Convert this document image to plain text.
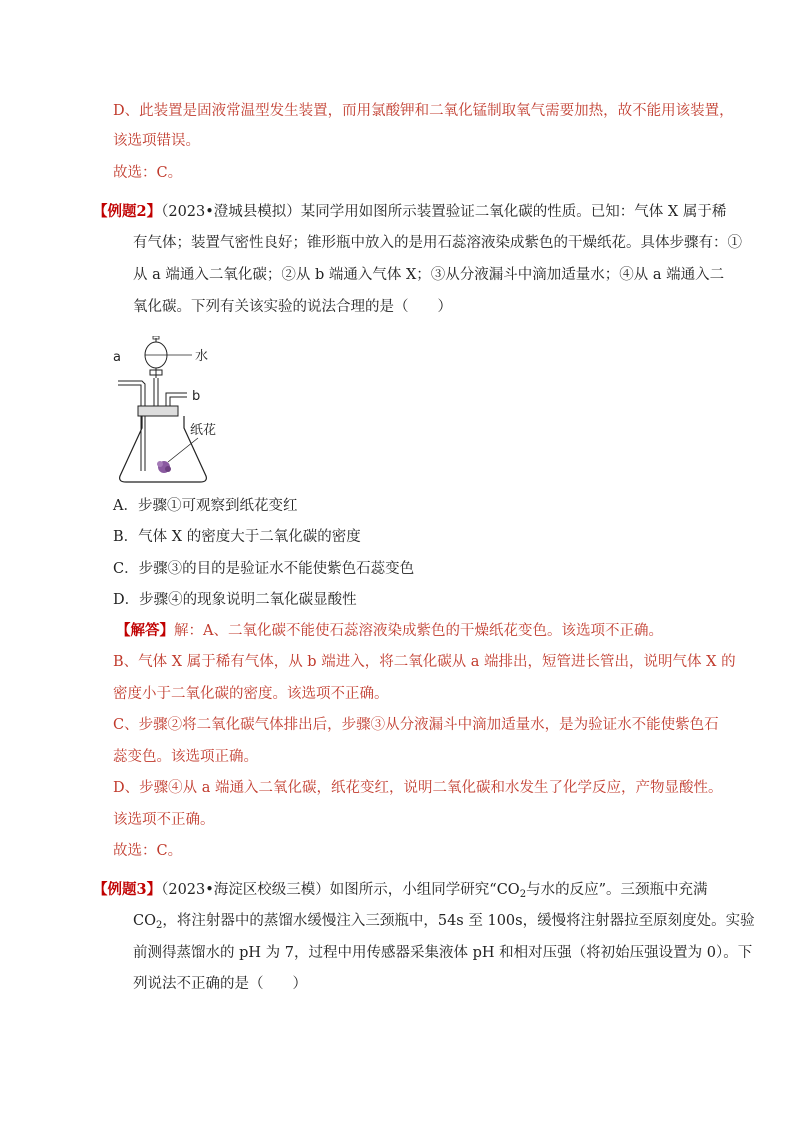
D、此装置是固液常温型发生装置，而用氯酸钾和二氧化锰制取氧气需要加热，故不能用该装置，
该选项错误。
故选：C。
【例题2】（2023•澄城县模拟）某同学用如图所示装置验证二氧化碳的性质。已知：气体 X 属于稀
有气体；装置气密性良好；锥形瓶中放入的是用石蕊溶液染成紫色的干燥纸花。具体步骤有：①
从 a 端通入二氧化碳；②从 b 端通入气体 X；③从分液漏斗中滴加适量水；④从 a 端通入二
氧化碳。下列有关该实验的说法合理的是（　　）
水
a
b
纸花
A．步骤①可观察到纸花变红
B．气体 X 的密度大于二氧化碳的密度
C．步骤③的目的是验证水不能使紫色石蕊变色
D．步骤④的现象说明二氧化碳显酸性
【解答】解：A、二氧化碳不能使石蕊溶液染成紫色的干燥纸花变色。该选项不正确。
B、气体 X 属于稀有气体，从 b 端进入，将二氧化碳从 a 端排出，短管进长管出，说明气体 X 的
密度小于二氧化碳的密度。该选项不正确。
C、步骤②将二氧化碳气体排出后，步骤③从分液漏斗中滴加适量水，是为验证水不能使紫色石
蕊变色。该选项正确。
D、步骤④从 a 端通入二氧化碳，纸花变红，说明二氧化碳和水发生了化学反应，产物显酸性。
该选项不正确。
故选：C。
【例题3】（2023•海淀区校级三模）如图所示，小组同学研究“$CO_2$与水的反应”。三颈瓶中充满
$CO_2$，将注射器中的蒸馏水缓慢注入三颈瓶中，54s 至 100s，缓慢将注射器拉至原刻度处。实验
前测得蒸馏水的 pH 为 7，过程中用传感器采集液体 pH 和相对压强（将初始压强设置为 0）。下
列说法不正确的是（　　）
